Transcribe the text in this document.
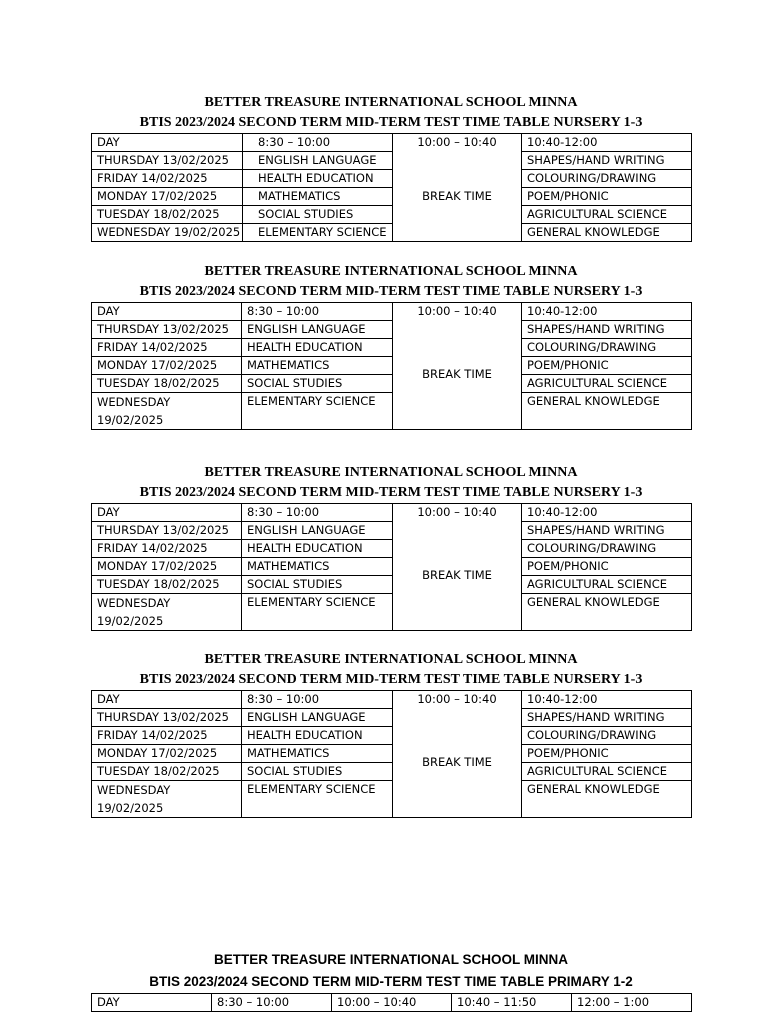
BETTER TREASURE INTERNATIONAL SCHOOL MINNA
BTIS 2023/2024 SECOND TERM MID-TERM TEST TIME TABLE NURSERY 1-3
DAY	8:30 – 10:00	10:00 – 10:40	10:40-12:00
THURSDAY 13/02/2025	ENGLISH LANGUAGE	BREAK TIME	SHAPES/HAND WRITING
FRIDAY 14/02/2025	HEALTH EDUCATION		COLOURING/DRAWING
MONDAY 17/02/2025	MATHEMATICS		POEM/PHONIC
TUESDAY 18/02/2025	SOCIAL STUDIES		AGRICULTURAL SCIENCE
WEDNESDAY 19/02/2025	ELEMENTARY SCIENCE		GENERAL KNOWLEDGE
BETTER TREASURE INTERNATIONAL SCHOOL MINNA
BTIS 2023/2024 SECOND TERM MID-TERM TEST TIME TABLE NURSERY 1-3
DAY	8:30 – 10:00	10:00 – 10:40	10:40-12:00
THURSDAY 13/02/2025	ENGLISH LANGUAGE	BREAK TIME	SHAPES/HAND WRITING
FRIDAY 14/02/2025	HEALTH EDUCATION		COLOURING/DRAWING
MONDAY 17/02/2025	MATHEMATICS		POEM/PHONIC
TUESDAY 18/02/2025	SOCIAL STUDIES		AGRICULTURAL SCIENCE
WEDNESDAY 19/02/2025	ELEMENTARY SCIENCE		GENERAL KNOWLEDGE
BETTER TREASURE INTERNATIONAL SCHOOL MINNA
BTIS 2023/2024 SECOND TERM MID-TERM TEST TIME TABLE NURSERY 1-3
DAY	8:30 – 10:00	10:00 – 10:40	10:40-12:00
THURSDAY 13/02/2025	ENGLISH LANGUAGE	BREAK TIME	SHAPES/HAND WRITING
FRIDAY 14/02/2025	HEALTH EDUCATION		COLOURING/DRAWING
MONDAY 17/02/2025	MATHEMATICS		POEM/PHONIC
TUESDAY 18/02/2025	SOCIAL STUDIES		AGRICULTURAL SCIENCE
WEDNESDAY 19/02/2025	ELEMENTARY SCIENCE		GENERAL KNOWLEDGE
BETTER TREASURE INTERNATIONAL SCHOOL MINNA
BTIS 2023/2024 SECOND TERM MID-TERM TEST TIME TABLE NURSERY 1-3
DAY	8:30 – 10:00	10:00 – 10:40	10:40-12:00
THURSDAY 13/02/2025	ENGLISH LANGUAGE	BREAK TIME	SHAPES/HAND WRITING
FRIDAY 14/02/2025	HEALTH EDUCATION		COLOURING/DRAWING
MONDAY 17/02/2025	MATHEMATICS		POEM/PHONIC
TUESDAY 18/02/2025	SOCIAL STUDIES		AGRICULTURAL SCIENCE
WEDNESDAY 19/02/2025	ELEMENTARY SCIENCE		GENERAL KNOWLEDGE
BETTER TREASURE INTERNATIONAL SCHOOL MINNA
BTIS 2023/2024 SECOND TERM MID-TERM TEST TIME TABLE PRIMARY 1-2
DAY	8:30 – 10:00	10:00 – 10:40	10:40 – 11:50	12:00 – 1:00
